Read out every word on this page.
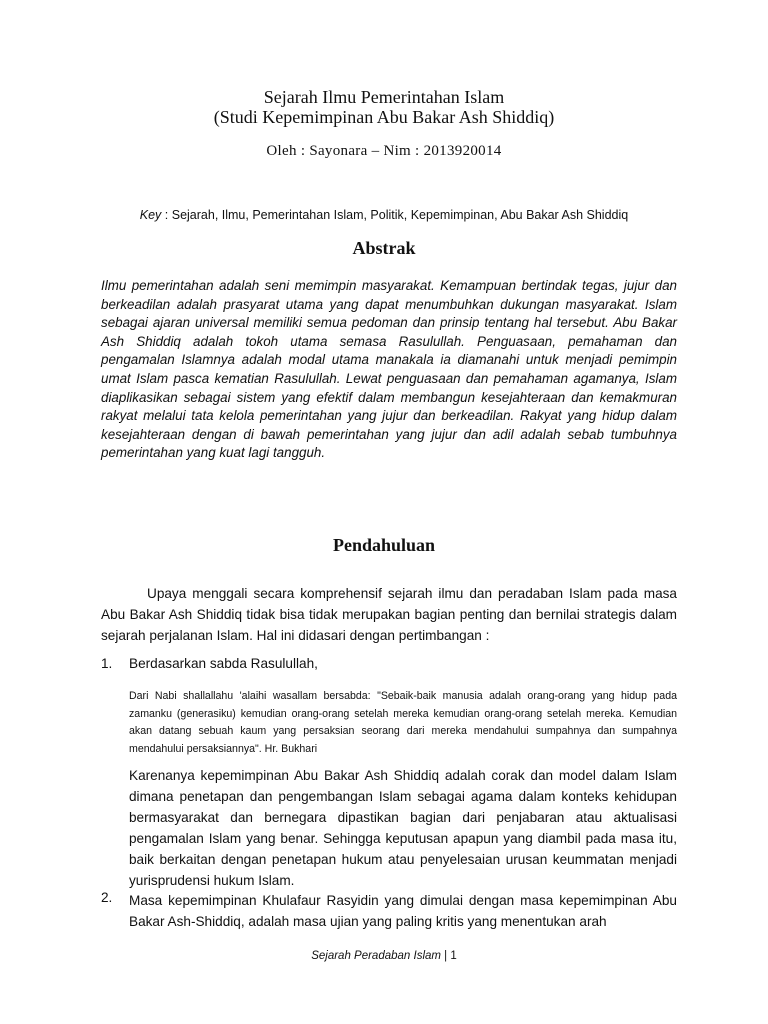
Sejarah Ilmu Pemerintahan Islam
(Studi Kepemimpinan Abu Bakar Ash Shiddiq)
Oleh : Sayonara – Nim : 2013920014
Key : Sejarah, Ilmu, Pemerintahan Islam, Politik, Kepemimpinan, Abu Bakar Ash Shiddiq
Abstrak
Ilmu pemerintahan adalah seni memimpin masyarakat. Kemampuan bertindak tegas, jujur dan berkeadilan adalah prasyarat utama yang dapat menumbuhkan dukungan masyarakat. Islam sebagai ajaran universal memiliki semua pedoman dan prinsip tentang hal tersebut. Abu Bakar Ash Shiddiq adalah tokoh utama semasa Rasulullah. Penguasaan, pemahaman dan pengamalan Islamnya adalah modal utama manakala ia diamanahi untuk menjadi pemimpin umat Islam pasca kematian Rasulullah. Lewat penguasaan dan pemahaman agamanya, Islam diaplikasikan sebagai sistem yang efektif dalam membangun kesejahteraan dan kemakmuran rakyat melalui tata kelola pemerintahan yang jujur dan berkeadilan. Rakyat yang hidup dalam kesejahteraan dengan di bawah pemerintahan yang jujur dan adil adalah sebab tumbuhnya pemerintahan yang kuat lagi tangguh.
Pendahuluan
Upaya menggali secara komprehensif sejarah ilmu dan peradaban Islam pada masa Abu Bakar Ash Shiddiq tidak bisa tidak merupakan bagian penting dan bernilai strategis dalam sejarah perjalanan Islam. Hal ini didasari dengan pertimbangan :
1. Berdasarkan sabda Rasulullah,
Dari Nabi shallallahu 'alaihi wasallam bersabda: "Sebaik-baik manusia adalah orang-orang yang hidup pada zamanku (generasiku) kemudian orang-orang setelah mereka kemudian orang-orang setelah mereka. Kemudian akan datang sebuah kaum yang persaksian seorang dari mereka mendahului sumpahnya dan sumpahnya mendahului persaksiannya". Hr. Bukhari
Karenanya kepemimpinan Abu Bakar Ash Shiddiq adalah corak dan model dalam Islam dimana penetapan dan pengembangan Islam sebagai agama dalam konteks kehidupan bermasyarakat dan bernegara dipastikan bagian dari penjabaran atau aktualisasi pengamalan Islam yang benar. Sehingga keputusan apapun yang diambil pada masa itu, baik berkaitan dengan penetapan hukum atau penyelesaian urusan keummatan menjadi yurisprudensi hukum Islam.
2. Masa kepemimpinan Khulafaur Rasyidin yang dimulai dengan masa kepemimpinan Abu Bakar Ash-Shiddiq, adalah masa ujian yang paling kritis yang menentukan arah
Sejarah Peradaban Islam | 1
